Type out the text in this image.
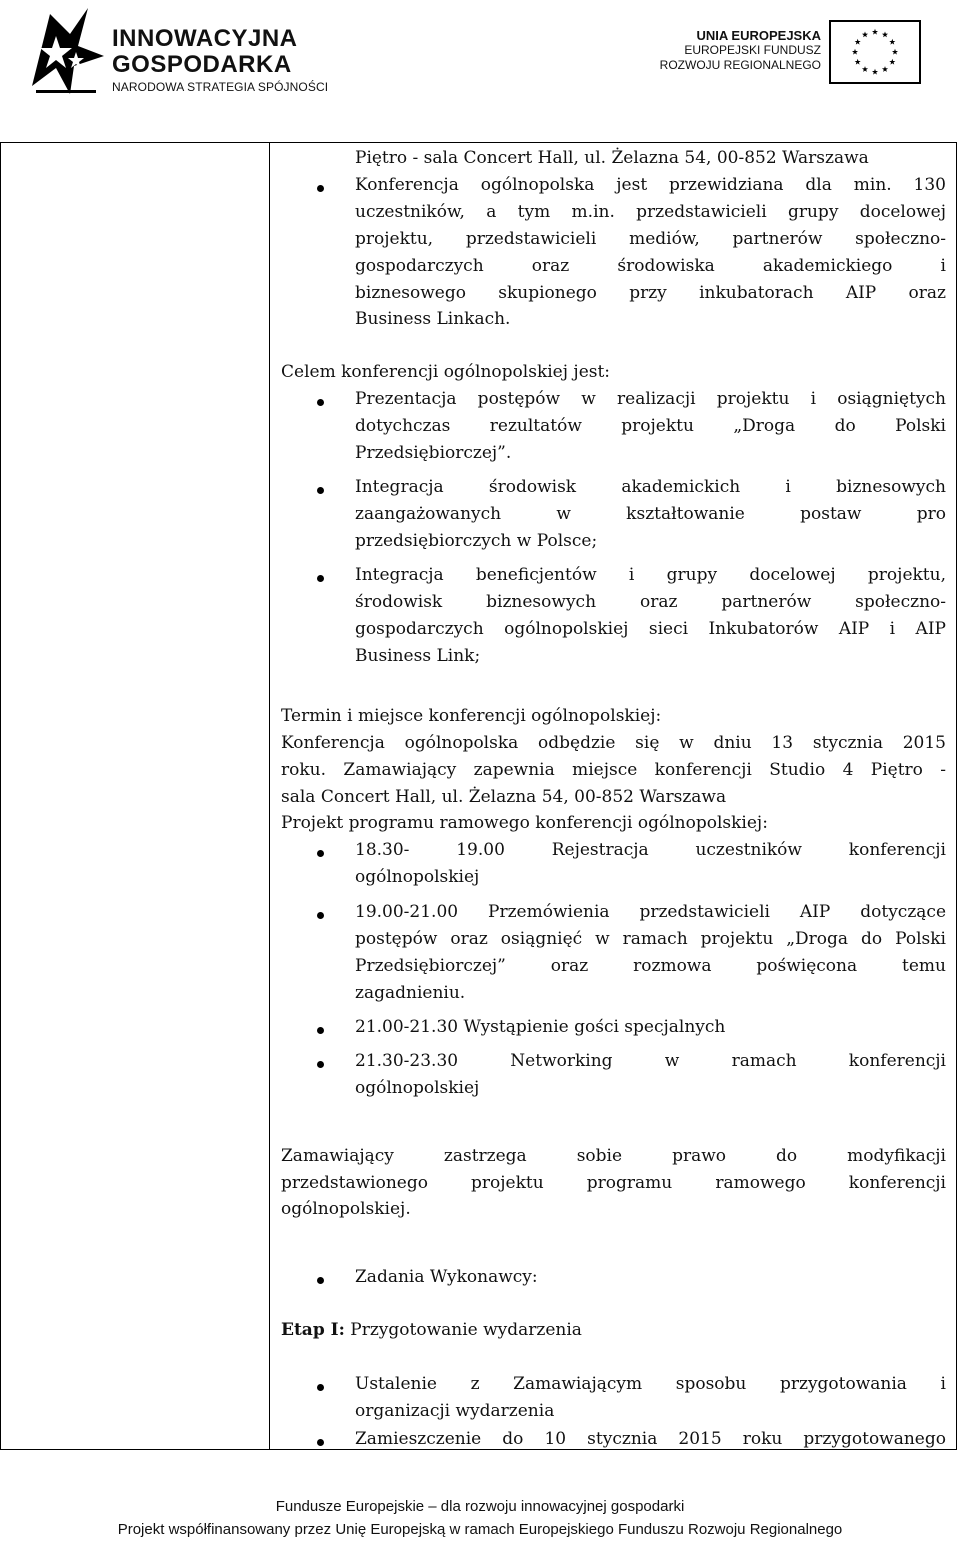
INNOWACYJNA
GOSPODARKA
NARODOWA STRATEGIA SPÓJNOŚCI
UNIA EUROPEJSKA
EUROPEJSKI FUNDUSZ
ROZWOJU REGIONALNEGO

Piętro - sala Concert Hall, ul. Żelazna 54, 00-852 Warszawa

Konferencja ogólnopolska jest przewidziana dla min. 130

uczestników, a tym m.in. przedstawicieli grupy docelowej

projektu, przedstawicieli mediów, partnerów społeczno-

gospodarczych oraz środowiska akademickiego i

biznesowego skupionego przy inkubatorach AIP oraz

Business Linkach.

Celem konferencji ogólnopolskiej jest:

Prezentacja postępów w realizacji projektu i osiągniętych

dotychczas rezultatów projektu „Droga do Polski

Przedsiębiorczej”.

Integracja środowisk akademickich i biznesowych

zaangażowanych w kształtowanie postaw pro

przedsiębiorczych w Polsce;

Integracja beneficjentów i grupy docelowej projektu,

środowisk biznesowych oraz partnerów społeczno-

gospodarczych ogólnopolskiej sieci Inkubatorów AIP i AIP

Business Link;

Termin i miejsce konferencji ogólnopolskiej:

Konferencja ogólnopolska odbędzie się w dniu 13 stycznia 2015

roku. Zamawiający zapewnia miejsce konferencji Studio 4 Piętro -

sala Concert Hall, ul. Żelazna 54, 00-852 Warszawa

Projekt programu ramowego konferencji ogólnopolskiej:

18.30- 19.00 Rejestracja uczestników konferencji

ogólnopolskiej

19.00-21.00 Przemówienia przedstawicieli AIP dotyczące

postępów oraz osiągnięć w ramach projektu „Droga do Polski

Przedsiębiorczej” oraz rozmowa poświęcona temu

zagadnieniu.

21.00-21.30 Wystąpienie gości specjalnych

21.30-23.30 Networking w ramach konferencji

ogólnopolskiej

Zamawiający zastrzega sobie prawo do modyfikacji

przedstawionego projektu programu ramowego konferencji

ogólnopolskiej.

Zadania Wykonawcy:

Etap I: Przygotowanie wydarzenia

Ustalenie z Zamawiającym sposobu przygotowania i

organizacji wydarzenia

Zamieszczenie do 10 stycznia 2015 roku przygotowanego

Fundusze Europejskie – dla rozwoju innowacyjnej gospodarki
Projekt współfinansowany przez Unię Europejską w ramach Europejskiego Funduszu Rozwoju Regionalnego
